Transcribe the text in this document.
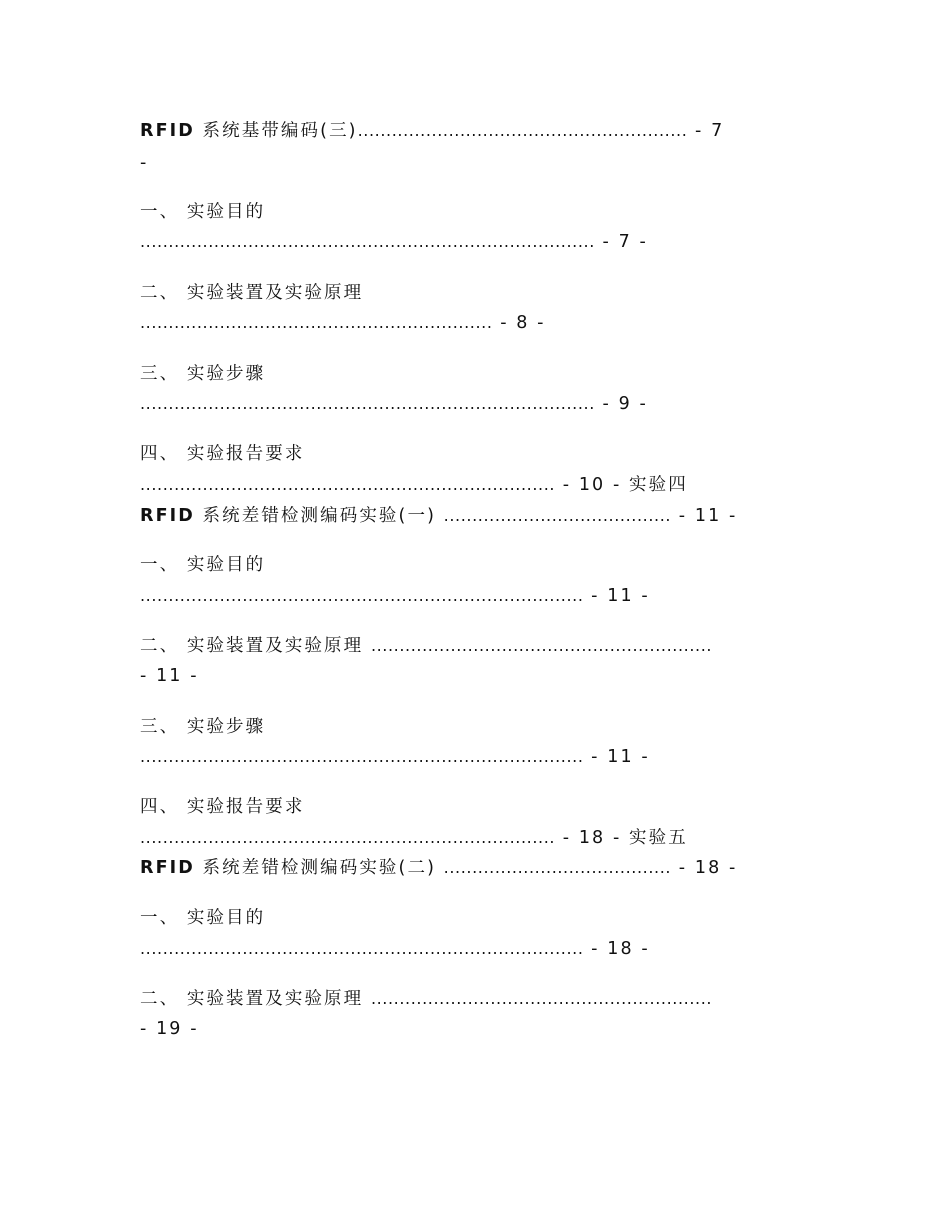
RFID 系统基带编码(三).......................................................... - 7
-
一、 实验目的
................................................................................ - 7 -
二、 实验装置及实验原理
.............................................................. - 8 -
三、 实验步骤
................................................................................ - 9 -
四、 实验报告要求
......................................................................... - 10 - 实验四
RFID 系统差错检测编码实验(一) ........................................ - 11 -
一、 实验目的
.............................................................................. - 11 -
二、 实验装置及实验原理 ............................................................
- 11 -
三、 实验步骤
.............................................................................. - 11 -
四、 实验报告要求
......................................................................... - 18 - 实验五
RFID 系统差错检测编码实验(二) ........................................ - 18 -
一、 实验目的
.............................................................................. - 18 -
二、 实验装置及实验原理 ............................................................
- 19 -
